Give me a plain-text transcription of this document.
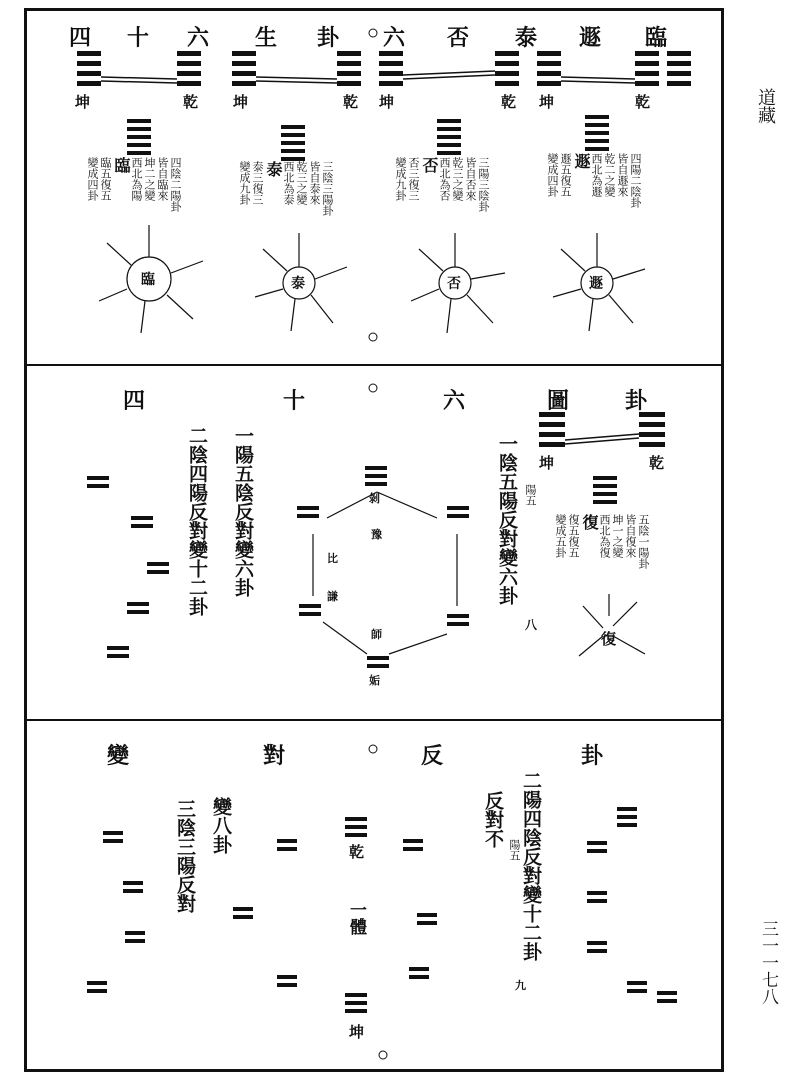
道藏
三一一七八
四 十 六 生 卦 六 否 泰 遯 臨
坤	乾 坤	乾 坤	乾 坤	乾
四陰二陽卦
皆自臨來
坤二之變
西北為陽
臨
臨五復五
變成四卦	三陰三陽卦
皆自泰來
乾三之變
西北為泰
泰
泰三復三
變成九卦	三陽三陰卦
皆自否來
乾三之變
西北為否
否
否三復三
變成九卦	四陽二陰卦
皆自遯來
乾二之變
西北為遯
遯
遯五復五
變成四卦
臨	泰	否	遯
四	十	六	圖	卦
坤	乾
一陽五陰反對變六卦
二陰四陽反對變十二卦	一陰五陽反對變六卦 陽五
八
五陰一陽卦
皆自復來
坤一之變
西北為復
復
復五復五
變成五卦
復
剝
比
豫
謙
師
姤
變	對	反	卦
二陽四陰反對變十二卦
反對不
陽五
九
變八卦
三陰三陽反對	乾
一體
坤
